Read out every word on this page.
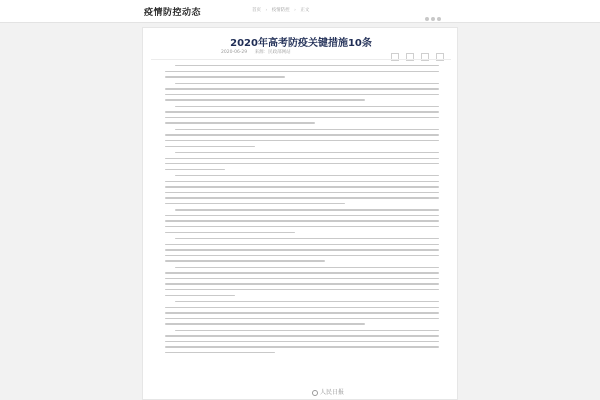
疫情防控动态	首页 › 疫情防控 › 正文
2020年高考防疫关键措施10条
2020-06-29 来源：民政部网站

人民日报
